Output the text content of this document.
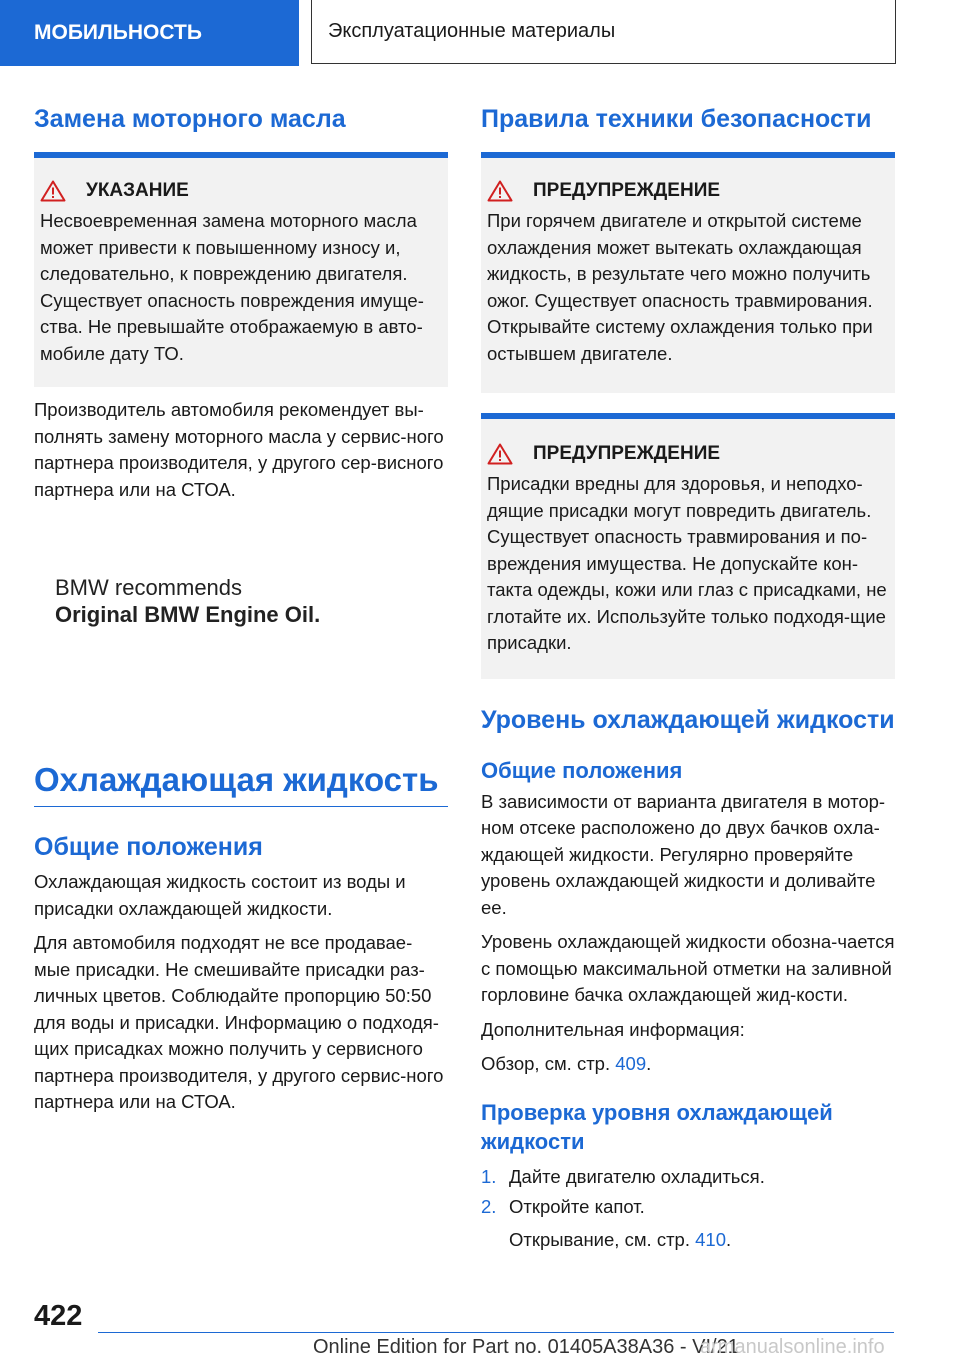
МОБИЛЬНОСТЬ	Эксплуатационные материалы
Замена моторного масла
УКАЗАНИЕ

Несвоевременная замена моторного масла может привести к повышенному износу и, следовательно, к повреждению двигателя. Существует опасность повреждения имуще-ства. Не превышайте отображаемую в авто-мобиле дату ТО.

Производитель автомобиля рекомендует вы-полнять замену моторного масла у сервис-ного партнера производителя, у другого сер-висного партнера или на СТОА.

BMW recommends
Original BMW Engine Oil.
Охлаждающая жидкость
Общие положения

Охлаждающая жидкость состоит из воды и присадки охлаждающей жидкости.

Для автомобиля подходят не все продавае-мые присадки. Не смешивайте присадки раз-личных цветов. Соблюдайте пропорцию 50:50 для воды и присадки. Информацию о подходя-щих присадках можно получить у сервисного партнера производителя, у другого сервис-ного партнера или на СТОА.

Правила техники безопасности
ПРЕДУПРЕЖДЕНИЕ

При горячем двигателе и открытой системе охлаждения может вытекать охлаждающая жидкость, в результате чего можно получить ожог. Существует опасность травмирования. Открывайте систему охлаждения только при остывшем двигателе.

ПРЕДУПРЕЖДЕНИЕ

Присадки вредны для здоровья, и неподхо-дящие присадки могут повредить двигатель. Существует опасность травмирования и по-вреждения имущества. Не допускайте кон-такта одежды, кожи или глаз с присадками, не глотайте их. Используйте только подходя-щие присадки.

Уровень охлаждающей жидкости
Общие положения

В зависимости от варианта двигателя в мотор-ном отсеке расположено до двух бачков охла-ждающей жидкости. Регулярно проверяйте уровень охлаждающей жидкости и доливайте ее.

Уровень охлаждающей жидкости обозна-чается с помощью максимальной отметки на заливной горловине бачка охлаждающей жид-кости.

Дополнительная информация:

Обзор, см. стр. 409.

Проверка уровня охлаждающей жидкости
1. Дайте двигателю охладиться.
2. Откройте капот.

Открывание, см. стр. 410.

422
Online Edition for Part no. 01405A38A36 - VI/21
armanualsonline.info
